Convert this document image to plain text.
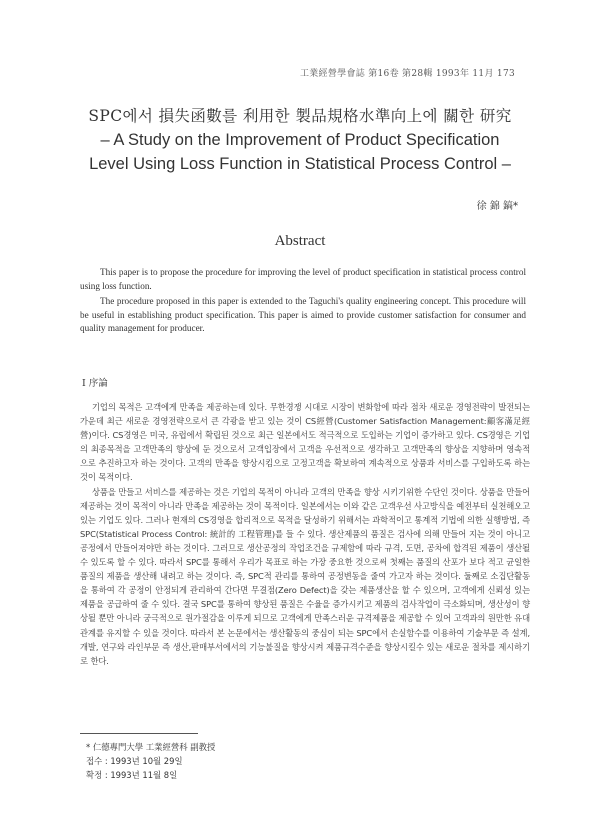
工業經營學會誌 第16卷 第28輯 1993年 11月 173
SPC에서 損失函數를 利用한 製品規格水準向上에 關한 研究
– A Study on the Improvement of Product Specification
Level Using Loss Function in Statistical Process Control –
徐 錦 鎬*
Abstract

This paper is to propose the procedure for improving the level of product specification in statistical process control using loss function.

The procedure proposed in this paper is extended to the Taguchi's quality engineering concept. This procedure will be useful in establishing product specification. This paper is aimed to provide customer satisfaction for consumer and quality management for producer.

Ⅰ 序論

기업의 목적은 고객에게 만족을 제공하는데 있다. 무한경쟁 시대로 시장이 변화함에 따라 점차 새로운 경영전략이 발전되는 가운데 최근 새로운 경영전략으로서 큰 각광을 받고 있는 것이 CS經營(Customer Satisfaction Management:顧客滿足經營)이다. CS경영은 미국, 유럽에서 확립된 것으로 최근 일본에서도 적극적으로 도입하는 기업이 증가하고 있다. CS경영은 기업의 최종목적을 고객만족의 향상에 둔 것으로서 고객입장에서 고객을 우선적으로 생각하고 고객만족의 향상을 지향하며 영속적으로 추진하고자 하는 것이다. 고객의 만족을 향상시킴으로 고정고객을 확보하여 계속적으로 상품과 서비스를 구입하도록 하는 것이 목적이다.

상품을 만들고 서비스를 제공하는 것은 기업의 목적이 아니라 고객의 만족을 향상 시키기위한 수단인 것이다. 상품을 만들어 제공하는 것이 목적이 아니라 만족을 제공하는 것이 목적이다. 일본에서는 이와 같은 고객우선 사고방식을 예전부터 실천해오고 있는 기업도 있다. 그러나 현재의 CS경영을 합리적으로 목적을 달성하기 위해서는 과학적이고 통계적 기법에 의한 실행방법, 즉 SPC(Statistical Process Control: 統計的 工程管理)를 들 수 있다. 생산제품의 품질은 검사에 의해 만들어 지는 것이 아니고 공정에서 만들어져야만 하는 것이다. 그러므로 생산공정의 작업조건을 규제함에 따라 규격, 도면, 공차에 합격된 제품이 생산될 수 있도록 할 수 있다. 따라서 SPC를 통해서 우리가 목표로 하는 가장 중요한 것으로써 첫째는 품질의 산포가 보다 적고 균일한 품질의 제품을 생산해 내려고 하는 것이다. 즉, SPC적 관리를 통하여 공정변동을 줄여 가고자 하는 것이다. 둘째로 소집단활동을 통하여 각 공정이 안정되게 관리하여 간다면 무결점(Zero Defect)을 갖는 제품생산을 할 수 있으며, 고객에게 신뢰성 있는 제품을 공급하여 줄 수 있다. 결국 SPC를 통하여 향상된 품질은 수율을 증가시키고 제품의 검사작업이 극소화되며, 생산성이 향상될 뿐만 아니라 궁극적으로 원가절감을 이루게 되므로 고객에게 만족스러운 규격제품을 제공할 수 있어 고객과의 원만한 유대관계를 유지할 수 있을 것이다. 따라서 본 논문에서는 생산활동의 중심이 되는 SPC에서 손실함수를 이용하여 기술부문 즉 설계, 개발, 연구와 라인부문 즉 생산,판매부서에서의 기능불질을 향상시켜 제품규격수준을 향상시킬수 있는 새로운 절차를 제시하기로 한다.

* 仁德專門大學 工業經營科 副教授
접수 : 1993년 10월 29일
확정 : 1993년 11월 8일
